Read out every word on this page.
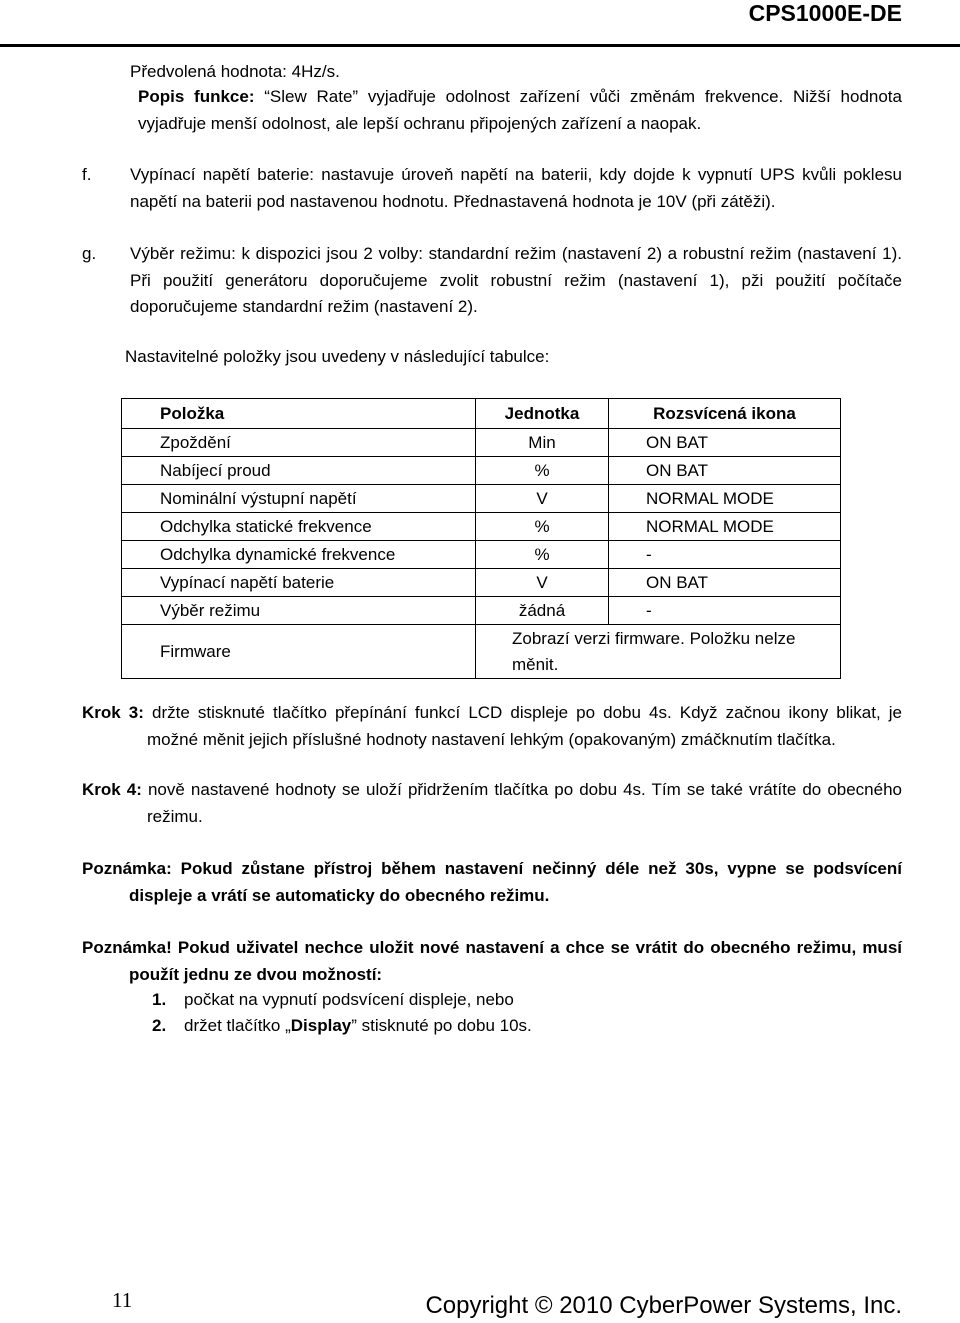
CPS1000E-DE
Předvolená hodnota: 4Hz/s.
Popis funkce: “Slew Rate” vyjadřuje odolnost zařízení vůči změnám frekvence. Nižší hodnota vyjadřuje menší odolnost, ale lepší ochranu připojených zařízení a naopak.
f. Vypínací napětí baterie: nastavuje úroveň napětí na baterii, kdy dojde k vypnutí UPS kvůli poklesu napětí na baterii pod nastavenou hodnotu. Přednastavená hodnota je 10V (při zátěži).
g. Výběr režimu: k dispozici jsou 2 volby: standardní režim (nastavení 2) a robustní režim (nastavení 1). Při použití generátoru doporučujeme zvolit robustní režim (nastavení 1), pži použití počítače doporučujeme standardní režim (nastavení 2).
Nastavitelné položky jsou uvedeny v následující tabulce:
Položka	Jednotka	Rozsvícená ikona
Zpoždění	Min	ON BAT
Nabíjecí proud	%	ON BAT
Nominální výstupní napětí	V	NORMAL MODE
Odchylka statické frekvence	%	NORMAL MODE
Odchylka dynamické frekvence	%	-
Vypínací napětí baterie	V	ON BAT
Výběr režimu	žádná	-
Firmware	Zobrazí verzi firmware. Položku nelze
měnit.	
Krok 3: držte stisknuté tlačítko přepínání funkcí LCD displeje po dobu 4s. Když začnou ikony blikat, je možné měnit jejich příslušné hodnoty nastavení lehkým (opakovaným) zmáčknutím tlačítka.
Krok 4: nově nastavené hodnoty se uloží přidržením tlačítka po dobu 4s. Tím se také vrátíte do obecného režimu.
Poznámka: Pokud zůstane přístroj během nastavení nečinný déle než 30s, vypne se podsvícení displeje a vrátí se automaticky do obecného režimu.
Poznámka! Pokud uživatel nechce uložit nové nastavení a chce se vrátit do obecného režimu, musí použít jednu ze dvou možností:
1. počkat na vypnutí podsvícení displeje, nebo
2. držet tlačítko „Display” stisknuté po dobu 10s.
11	Copyright © 2010 CyberPower Systems, Inc.
